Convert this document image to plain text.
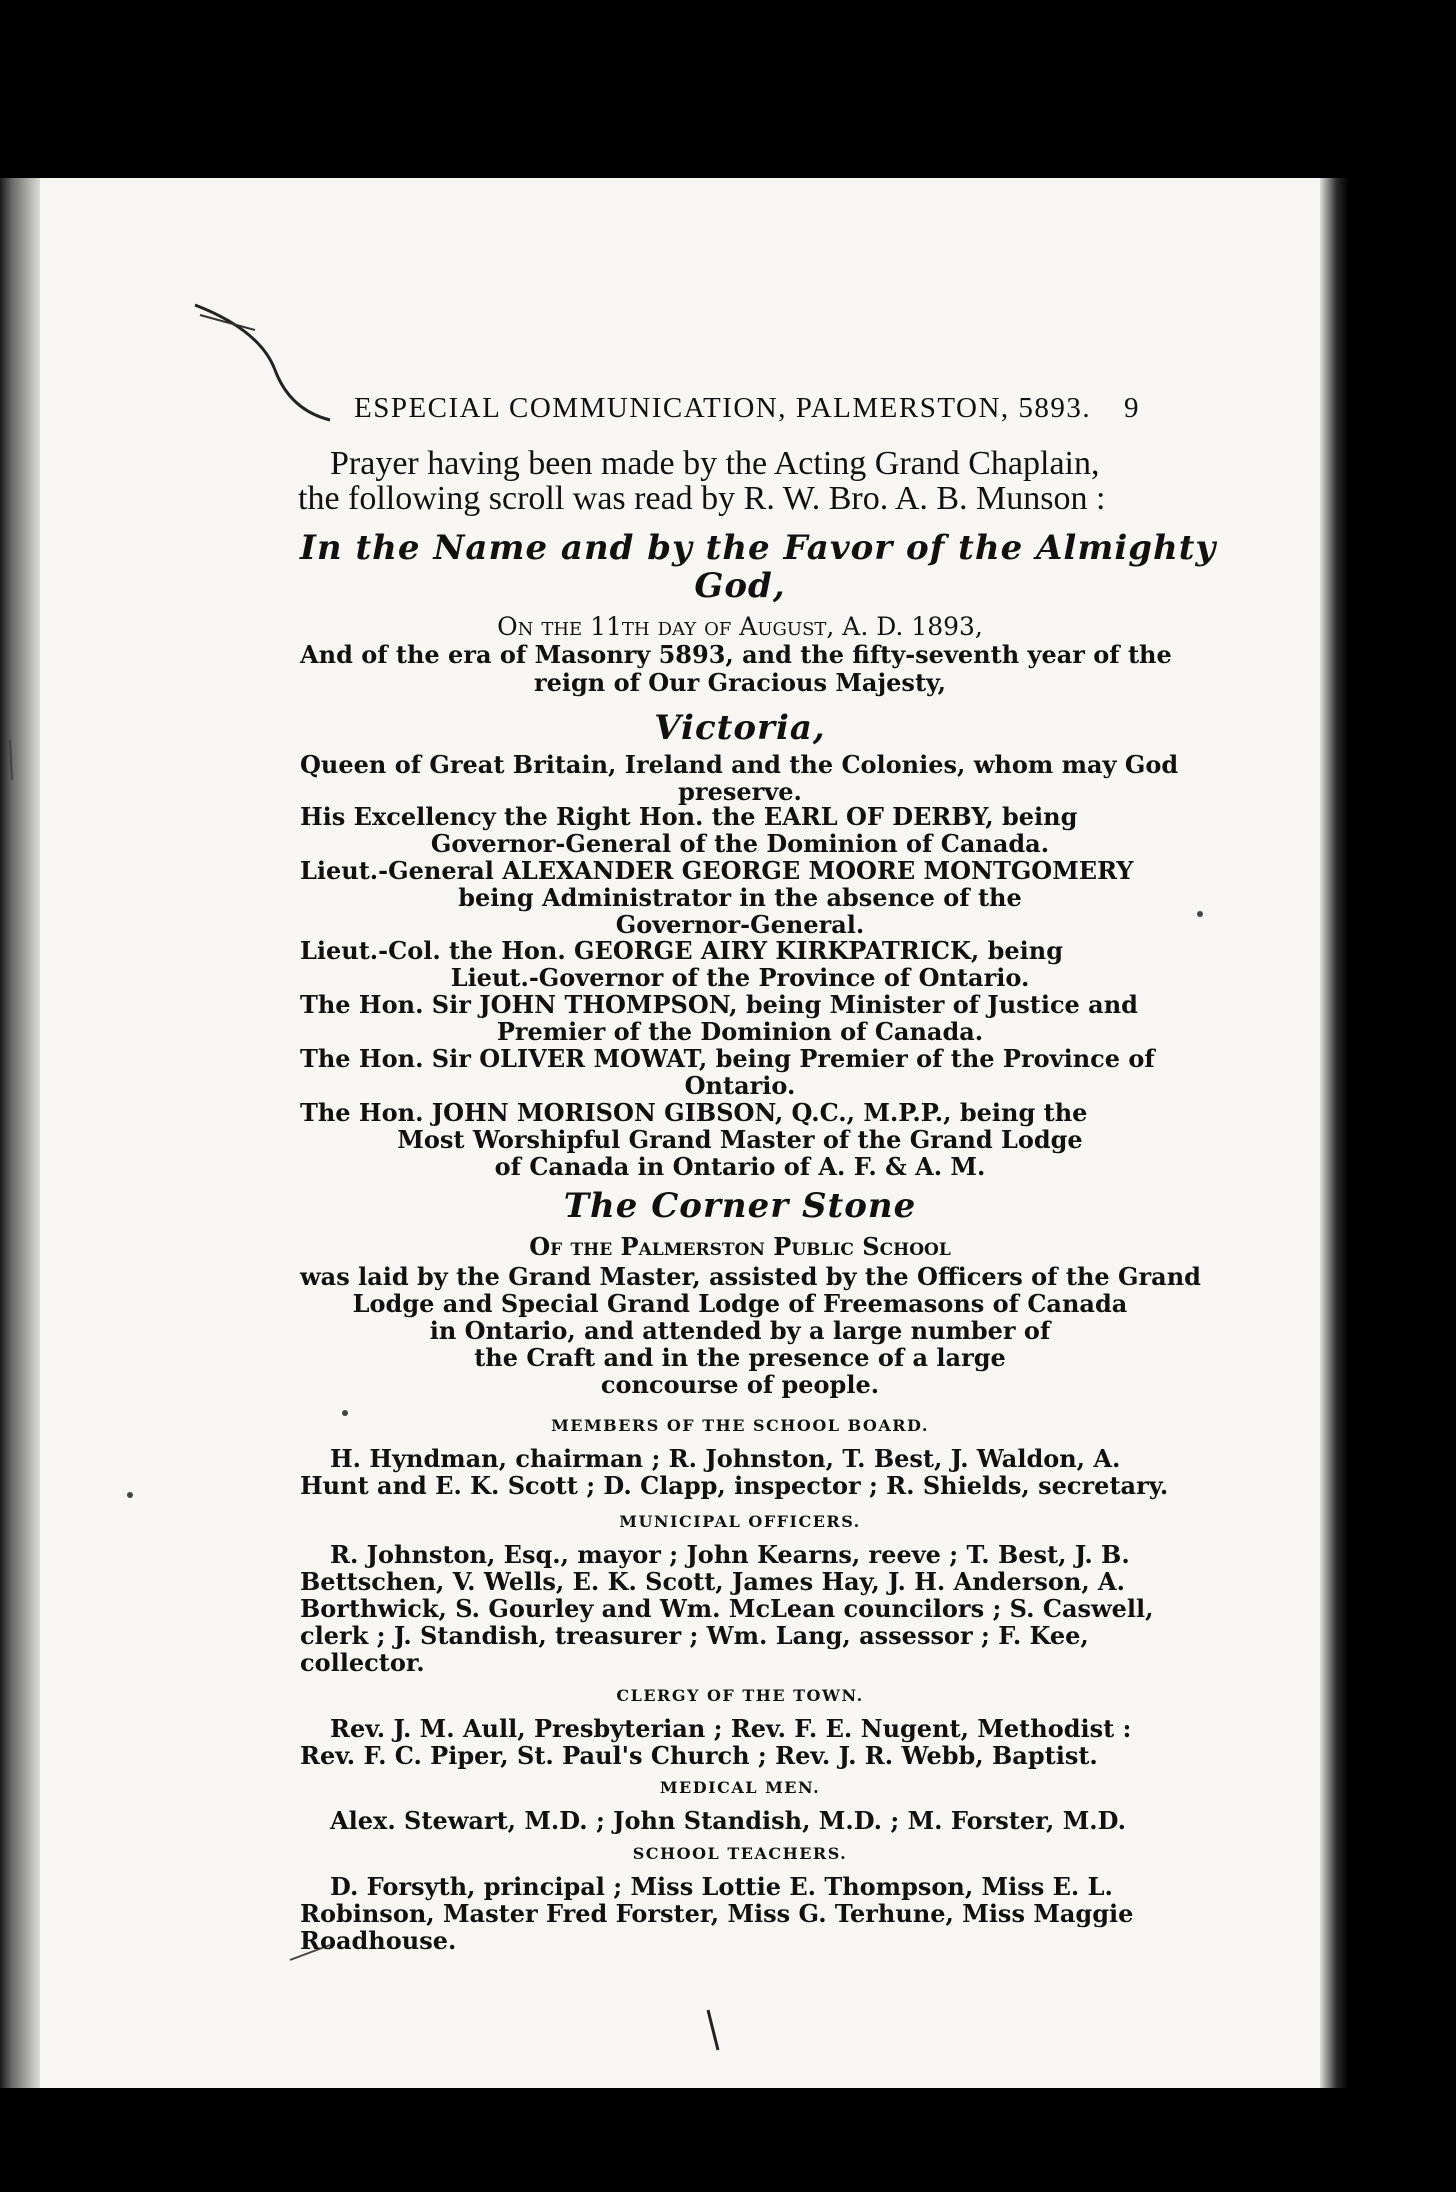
ESPECIAL COMMUNICATION, PALMERSTON, 5893. 9
Prayer having been made by the Acting Grand Chaplain,
the following scroll was read by R. W. Bro. A. B. Munson :
In the Name and by the Favor of the Almighty
God,
On the 11th day of August, A. D. 1893,
And of the era of Masonry 5893, and the fifty-seventh year of the
reign of Our Gracious Majesty,
Victoria,
Queen of Great Britain, Ireland and the Colonies, whom may God
preserve.
His Excellency the Right Hon. the EARL OF DERBY, being
Governor-General of the Dominion of Canada.
Lieut.-General ALEXANDER GEORGE MOORE MONTGOMERY
being Administrator in the absence of the
Governor-General.
Lieut.-Col. the Hon. GEORGE AIRY KIRKPATRICK, being
Lieut.-Governor of the Province of Ontario.
The Hon. Sir JOHN THOMPSON, being Minister of Justice and
Premier of the Dominion of Canada.
The Hon. Sir OLIVER MOWAT, being Premier of the Province of
Ontario.
The Hon. JOHN MORISON GIBSON, Q.C., M.P.P., being the
Most Worshipful Grand Master of the Grand Lodge
of Canada in Ontario of A. F. & A. M.
The Corner Stone
Of the Palmerston Public School
was laid by the Grand Master, assisted by the Officers of the Grand
Lodge and Special Grand Lodge of Freemasons of Canada
in Ontario, and attended by a large number of
the Craft and in the presence of a large
concourse of people.
MEMBERS OF THE SCHOOL BOARD.
H. Hyndman, chairman ; R. Johnston, T. Best, J. Waldon, A.
Hunt and E. K. Scott ; D. Clapp, inspector ; R. Shields, secretary.
MUNICIPAL OFFICERS.
R. Johnston, Esq., mayor ; John Kearns, reeve ; T. Best, J. B.
Bettschen, V. Wells, E. K. Scott, James Hay, J. H. Anderson, A.
Borthwick, S. Gourley and Wm. McLean councilors ; S. Caswell,
clerk ; J. Standish, treasurer ; Wm. Lang, assessor ; F. Kee,
collector.
CLERGY OF THE TOWN.
Rev. J. M. Aull, Presbyterian ; Rev. F. E. Nugent, Methodist :
Rev. F. C. Piper, St. Paul's Church ; Rev. J. R. Webb, Baptist.
MEDICAL MEN.
Alex. Stewart, M.D. ; John Standish, M.D. ; M. Forster, M.D.
SCHOOL TEACHERS.
D. Forsyth, principal ; Miss Lottie E. Thompson, Miss E. L.
Robinson, Master Fred Forster, Miss G. Terhune, Miss Maggie
Roadhouse.
